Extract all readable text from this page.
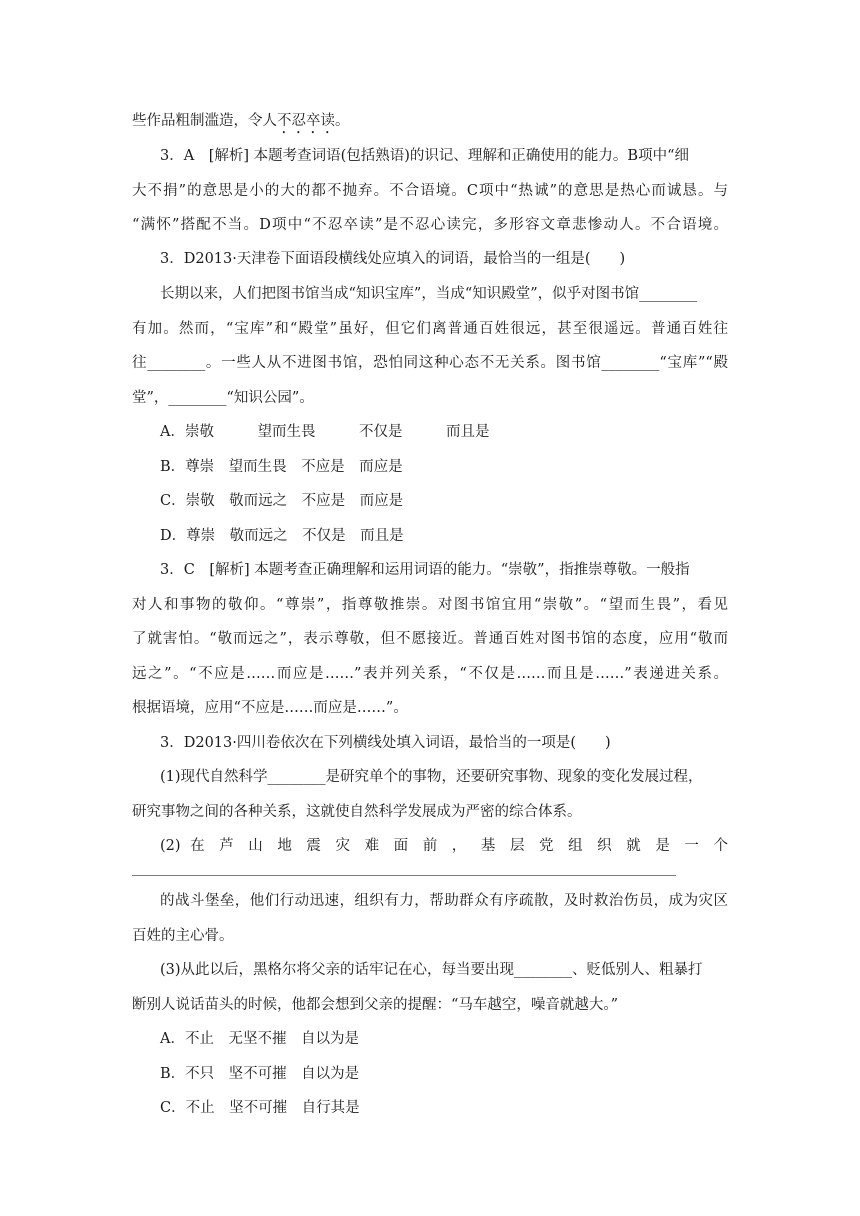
些作品粗制滥造，令人不忍卒读。

3．A　[解析] 本题考查词语(包括熟语)的识记、理解和正确使用的能力。B项中“细

大不捐”的意思是小的大的都不抛弃。不合语境。C项中“热诚”的意思是热心而诚恳。与

“满怀”搭配不当。D项中“不忍卒读”是不忍心读完，多形容文章悲惨动人。不合语境。

3．D2013·天津卷下面语段横线处应填入的词语，最恰当的一组是(　　)

长期以来，人们把图书馆当成“知识宝库”，当成“知识殿堂”，似乎对图书馆________

有加。然而，“宝库”和“殿堂”虽好，但它们离普通百姓很远，甚至很遥远。普通百姓往

往________。一些人从不进图书馆，恐怕同这种心态不无关系。图书馆________“宝库”“殿

堂”，________“知识公园”。

A．崇敬　　　望而生畏　　　不仅是　　　而且是

B．尊崇　望而生畏　不应是　而应是

C．崇敬　敬而远之　不应是　而应是

D．尊崇　敬而远之　不仅是　而且是

3．C　[解析] 本题考查正确理解和运用词语的能力。“崇敬”，指推崇尊敬。一般指

对人和事物的敬仰。“尊崇”，指尊敬推崇。对图书馆宜用“崇敬”。“望而生畏”，看见

了就害怕。“敬而远之”，表示尊敬，但不愿接近。普通百姓对图书馆的态度，应用“敬而

远之”。“不应是……而应是……”表并列关系，“不仅是……而且是……”表递进关系。

根据语境，应用“不应是……而应是……”。

3．D2013·四川卷依次在下列横线处填入词语，最恰当的一项是(　　)

(1)现代自然科学________是研究单个的事物，还要研究事物、现象的变化发展过程，

研究事物之间的各种关系，这就使自然科学发展成为严密的综合体系。

(2) 在 芦 山 地 震 灾 难 面 前 ， 基 层 党 组 织 就 是 一 个

的战斗堡垒，他们行动迅速，组织有力，帮助群众有序疏散，及时救治伤员，成为灾区

百姓的主心骨。

(3)从此以后，黑格尔将父亲的话牢记在心，每当要出现________、贬低别人、粗暴打

断别人说话苗头的时候，他都会想到父亲的提醒：“马车越空，噪音就越大。”

A．不止　无坚不摧　自以为是

B．不只　坚不可摧　自以为是

C．不止　坚不可摧　自行其是
